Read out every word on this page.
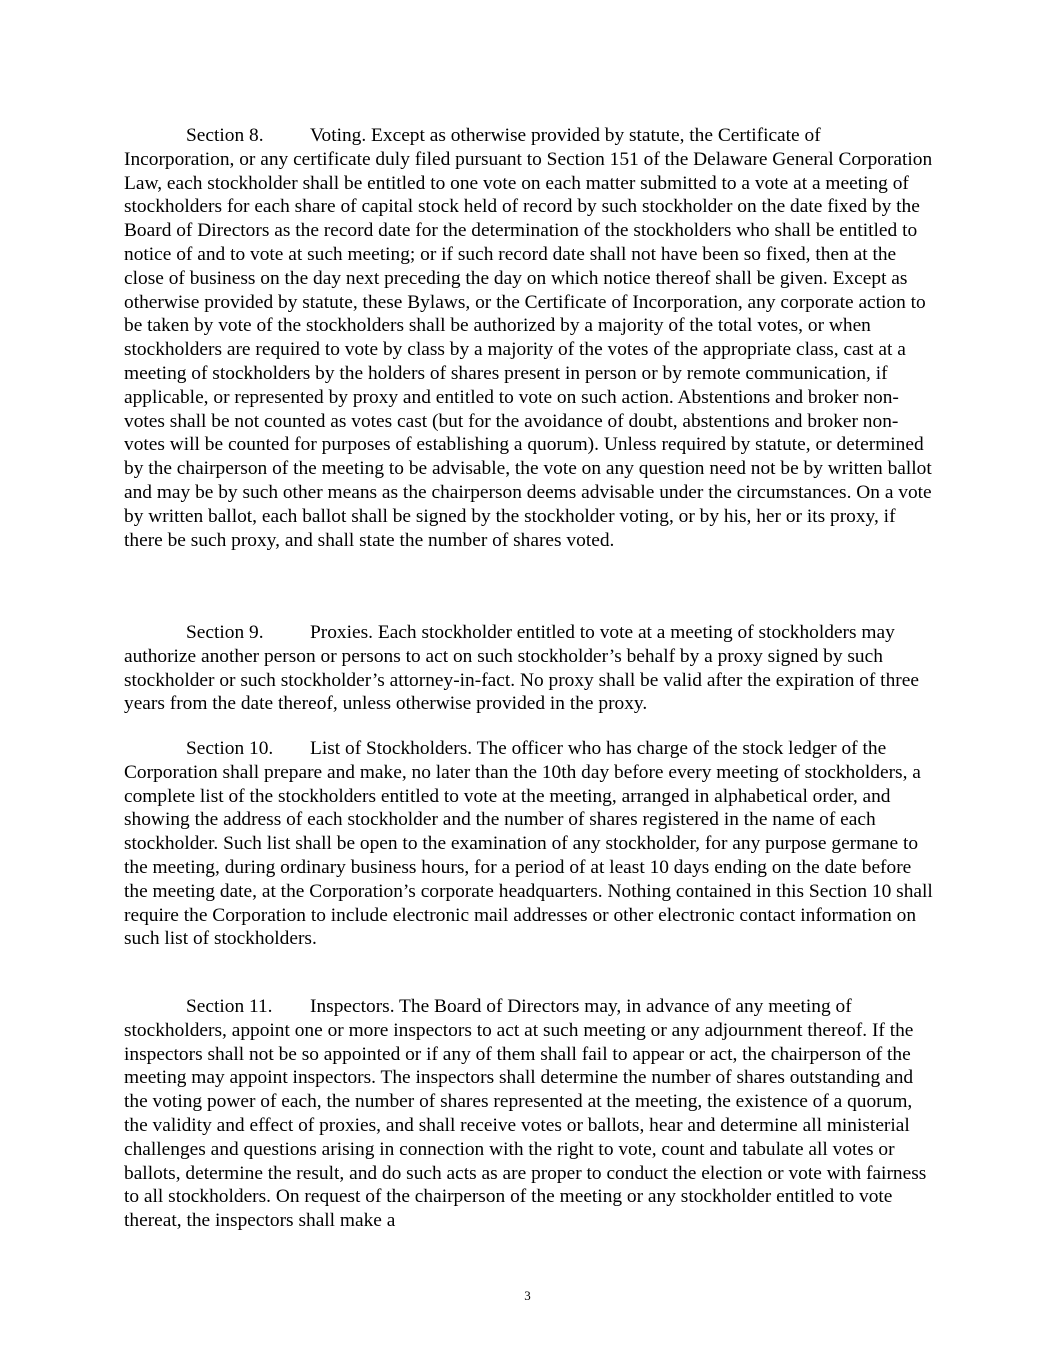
Section 8. Voting. Except as otherwise provided by statute, the Certificate of Incorporation, or any certificate duly filed pursuant to Section 151 of the Delaware General Corporation Law, each stockholder shall be entitled to one vote on each matter submitted to a vote at a meeting of stockholders for each share of capital stock held of record by such stockholder on the date fixed by the Board of Directors as the record date for the determination of the stockholders who shall be entitled to notice of and to vote at such meeting; or if such record date shall not have been so fixed, then at the close of business on the day next preceding the day on which notice thereof shall be given. Except as otherwise provided by statute, these Bylaws, or the Certificate of Incorporation, any corporate action to be taken by vote of the stockholders shall be authorized by a majority of the total votes, or when stockholders are required to vote by class by a majority of the votes of the appropriate class, cast at a meeting of stockholders by the holders of shares present in person or by remote communication, if applicable, or represented by proxy and entitled to vote on such action. Abstentions and broker non-votes shall be not counted as votes cast (but for the avoidance of doubt, abstentions and broker non-votes will be counted for purposes of establishing a quorum). Unless required by statute, or determined by the chairperson of the meeting to be advisable, the vote on any question need not be by written ballot and may be by such other means as the chairperson deems advisable under the circumstances. On a vote by written ballot, each ballot shall be signed by the stockholder voting, or by his, her or its proxy, if there be such proxy, and shall state the number of shares voted.

Section 9. Proxies. Each stockholder entitled to vote at a meeting of stockholders may authorize another person or persons to act on such stockholder’s behalf by a proxy signed by such stockholder or such stockholder’s attorney-in-fact. No proxy shall be valid after the expiration of three years from the date thereof, unless otherwise provided in the proxy.

Section 10. List of Stockholders. The officer who has charge of the stock ledger of the Corporation shall prepare and make, no later than the 10th day before every meeting of stockholders, a complete list of the stockholders entitled to vote at the meeting, arranged in alphabetical order, and showing the address of each stockholder and the number of shares registered in the name of each stockholder. Such list shall be open to the examination of any stockholder, for any purpose germane to the meeting, during ordinary business hours, for a period of at least 10 days ending on the date before the meeting date, at the Corporation’s corporate headquarters. Nothing contained in this Section 10 shall require the Corporation to include electronic mail addresses or other electronic contact information on such list of stockholders.

Section 11. Inspectors. The Board of Directors may, in advance of any meeting of stockholders, appoint one or more inspectors to act at such meeting or any adjournment thereof. If the inspectors shall not be so appointed or if any of them shall fail to appear or act, the chairperson of the meeting may appoint inspectors. The inspectors shall determine the number of shares outstanding and the voting power of each, the number of shares represented at the meeting, the existence of a quorum, the validity and effect of proxies, and shall receive votes or ballots, hear and determine all ministerial challenges and questions arising in connection with the right to vote, count and tabulate all votes or ballots, determine the result, and do such acts as are proper to conduct the election or vote with fairness to all stockholders. On request of the chairperson of the meeting or any stockholder entitled to vote thereat, the inspectors shall make a

3
